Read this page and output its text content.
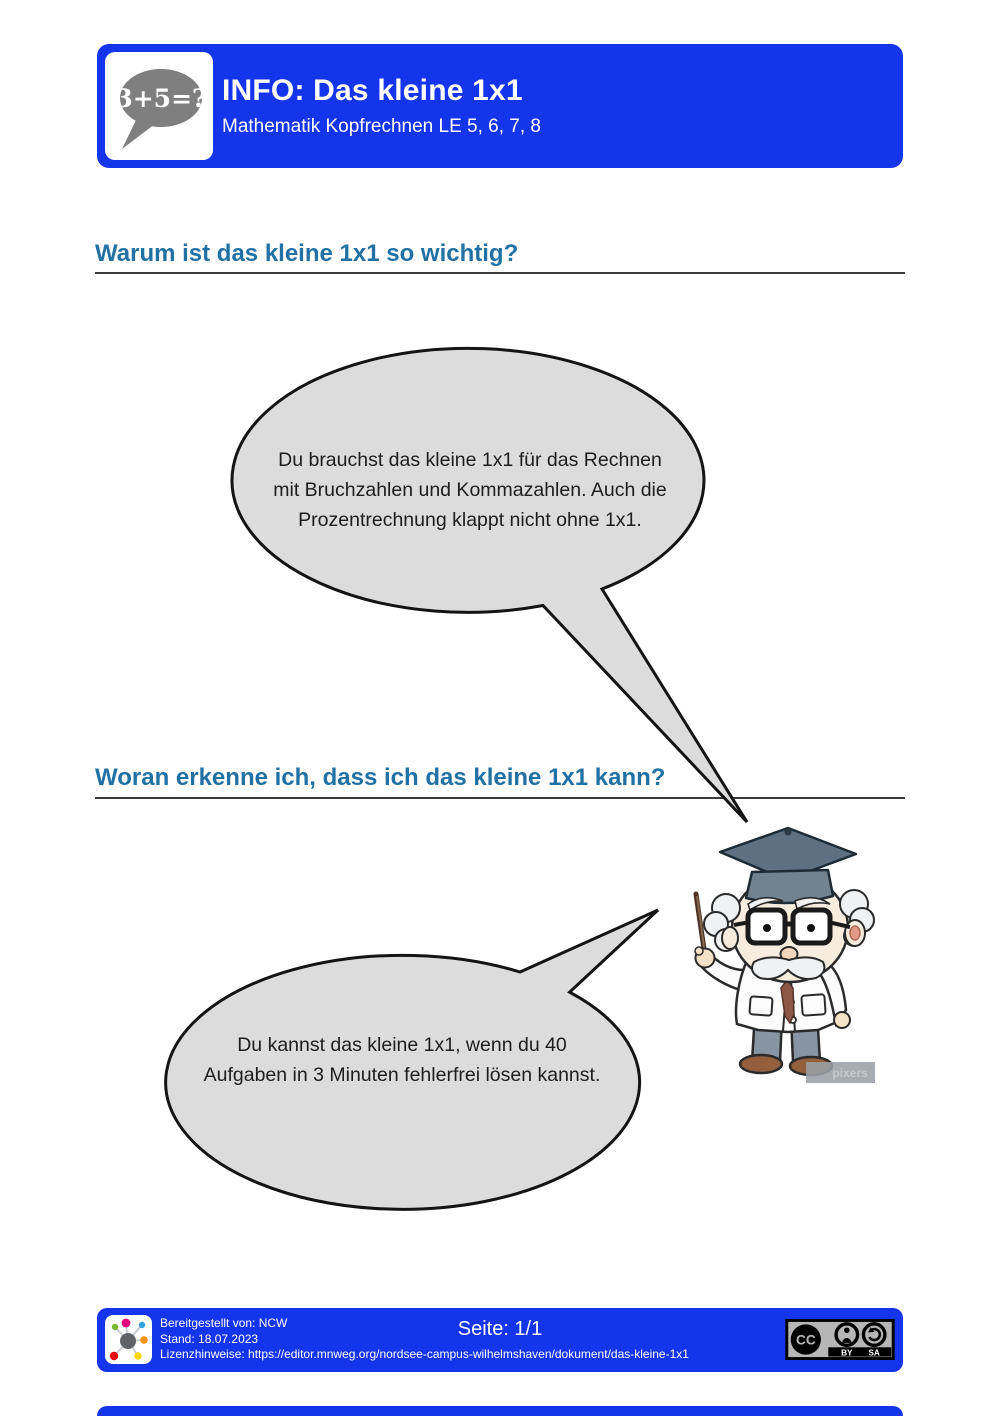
3+5=? INFO: Das kleine 1x1
Mathematik Kopfrechnen LE 5, 6, 7, 8
Warum ist das kleine 1x1 so wichtig?
Du brauchst das kleine 1x1 für das Rechnen mit Bruchzahlen und Kommazahlen. Auch die Prozentrechnung klappt nicht ohne 1x1.
Woran erkenne ich, dass ich das kleine 1x1 kann?
pixers
Du kannst das kleine 1x1, wenn du 40 Aufgaben in 3 Minuten fehlerfrei lösen kannst.
Bereitgestellt von: NCW
Stand: 18.07.2023
Lizenzhinweise: https://editor.mnweg.org/nordsee-campus-wilhelmshaven/dokument/das-kleine-1x1
Seite: 1/1	CC
BY SA
